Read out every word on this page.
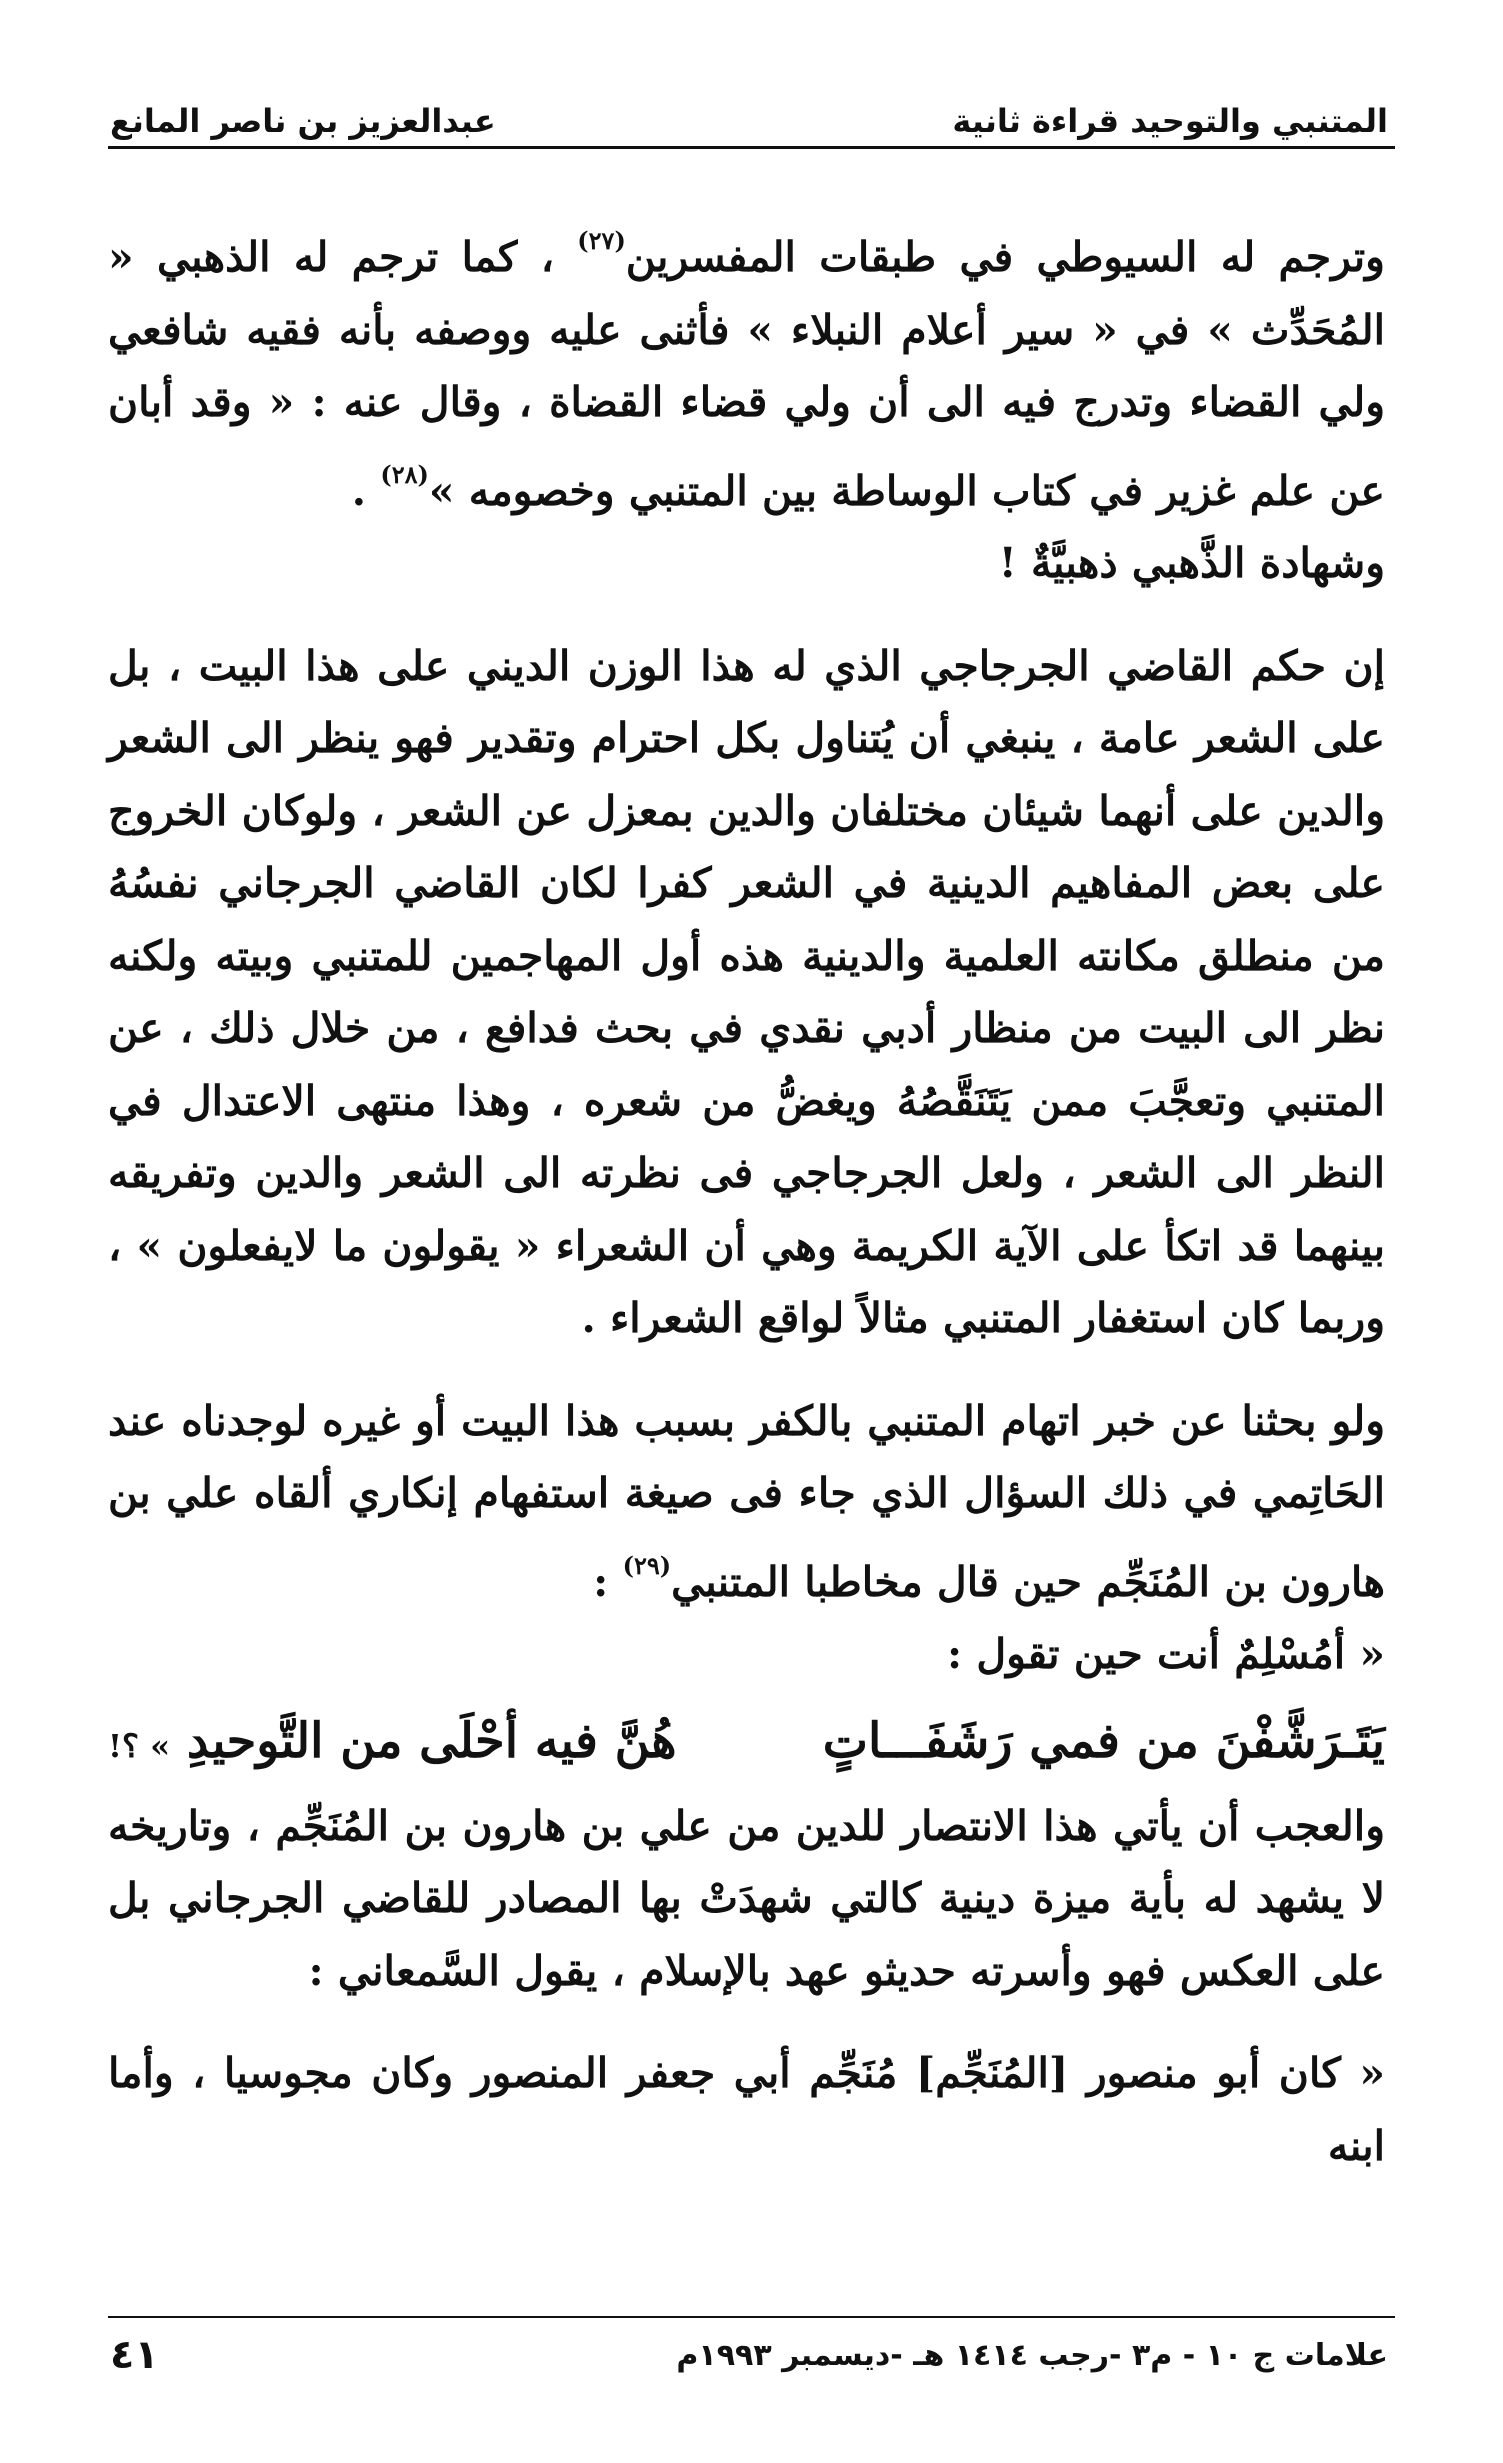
المتنبي والتوحيد قراءة ثانية
عبدالعزيز بن ناصر المانع

وترجم له السيوطي في طبقات المفسرين$^{(٢٧)}$ ، كما ترجم له الذهبي « المُحَدِّث » في « سير أعلام النبلاء » فأثنى عليه ووصفه بأنه فقيه شافعي ولي القضاء وتدرج فيه الى أن ولي قضاء القضاة ، وقال عنه : « وقد أبان عن علم غزير في كتاب الوساطة بين المتنبي وخصومه »$^{(٢٨)}$ .

وشهادة الذَّهبي ذهبيَّةٌ !

إن حكم القاضي الجرجاجي الذي له هذا الوزن الديني على هذا البيت ، بل على الشعر عامة ، ينبغي أن يُتناول بكل احترام وتقدير فهو ينظر الى الشعر والدين على أنهما شيئان مختلفان والدين بمعزل عن الشعر ، ولوكان الخروج على بعض المفاهيم الدينية في الشعر كفرا لكان القاضي الجرجاني نفسُهُ من منطلق مكانته العلمية والدينية هذه أول المهاجمين للمتنبي وبيته ولكنه نظر الى البيت من منظار أدبي نقدي في بحث فدافع ، من خلال ذلك ، عن المتنبي وتعجَّبَ ممن يَتَنَقَّصُهُ ويغضُّ من شعره ، وهذا منتهى الاعتدال في النظر الى الشعر ، ولعل الجرجاجي فى نظرته الى الشعر والدين وتفريقه بينهما قد اتكأ على الآية الكريمة وهي أن الشعراء « يقولون ما لايفعلون » ، وربما كان استغفار المتنبي مثالاً لواقع الشعراء .

ولو بحثنا عن خبر اتهام المتنبي بالكفر بسبب هذا البيت أو غيره لوجدناه عند الحَاتِمي في ذلك السؤال الذي جاء فى صيغة استفهام إنكاري ألقاه علي بن هارون بن المُنَجِّم حين قال مخاطبا المتنبي$^{(٢٩)}$ :

« أمُسْلِمٌ أنت حين تقول :

يَتَـرَشَّفْنَ من فمي رَشَفَـــاتٍ
هُنَّ فيه أحْلَى من التَّوحيدِ » ؟!

والعجب أن يأتي هذا الانتصار للدين من علي بن هارون بن المُنَجِّم ، وتاريخه لا يشهد له بأية ميزة دينية كالتي شهدَتْ بها المصادر للقاضي الجرجاني بل على العكس فهو وأسرته حديثو عهد بالإسلام ، يقول السَّمعاني :

« كان أبو منصور [المُنَجِّم] مُنَجِّم أبي جعفر المنصور وكان مجوسيا ، وأما ابنه

علامات ج ١٠ - م٣ -رجب ١٤١٤ هـ -ديسمبر ١٩٩٣م
٤١
